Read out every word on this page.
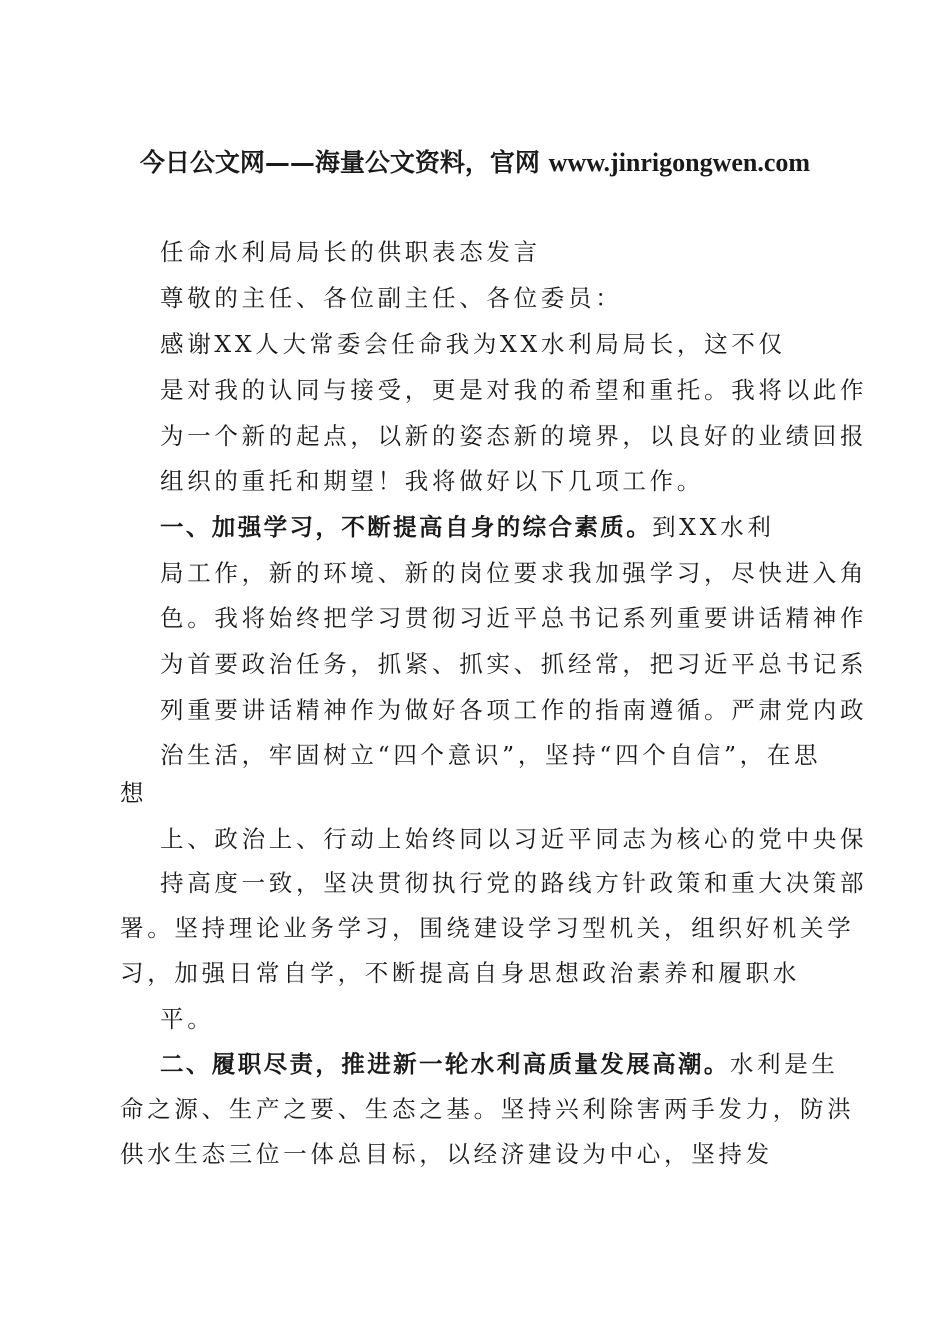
今日公文网——海量公文资料，官网 www.jinrigongwen.com
任命水利局局长的供职表态发言
尊敬的主任、各位副主任、各位委员：
感谢XX人大常委会任命我为XX水利局局长，这不仅
是对我的认同与接受，更是对我的希望和重托。我将以此作
为一个新的起点，以新的姿态新的境界，以良好的业绩回报
组织的重托和期望！我将做好以下几项工作。
一、加强学习，不断提高自身的综合素质。到XX水利
局工作，新的环境、新的岗位要求我加强学习，尽快进入角
色。我将始终把学习贯彻习近平总书记系列重要讲话精神作
为首要政治任务，抓紧、抓实、抓经常，把习近平总书记系
列重要讲话精神作为做好各项工作的指南遵循。严肃党内政
治生活，牢固树立“四个意识”，坚持“四个自信”，在思
想
上、政治上、行动上始终同以习近平同志为核心的党中央保
持高度一致，坚决贯彻执行党的路线方针政策和重大决策部
署。坚持理论业务学习，围绕建设学习型机关，组织好机关学
习，加强日常自学，不断提高自身思想政治素养和履职水
平。
二、履职尽责，推进新一轮水利高质量发展高潮。水利是生
命之源、生产之要、生态之基。坚持兴利除害两手发力，防洪
供水生态三位一体总目标，以经济建设为中心，坚持发
